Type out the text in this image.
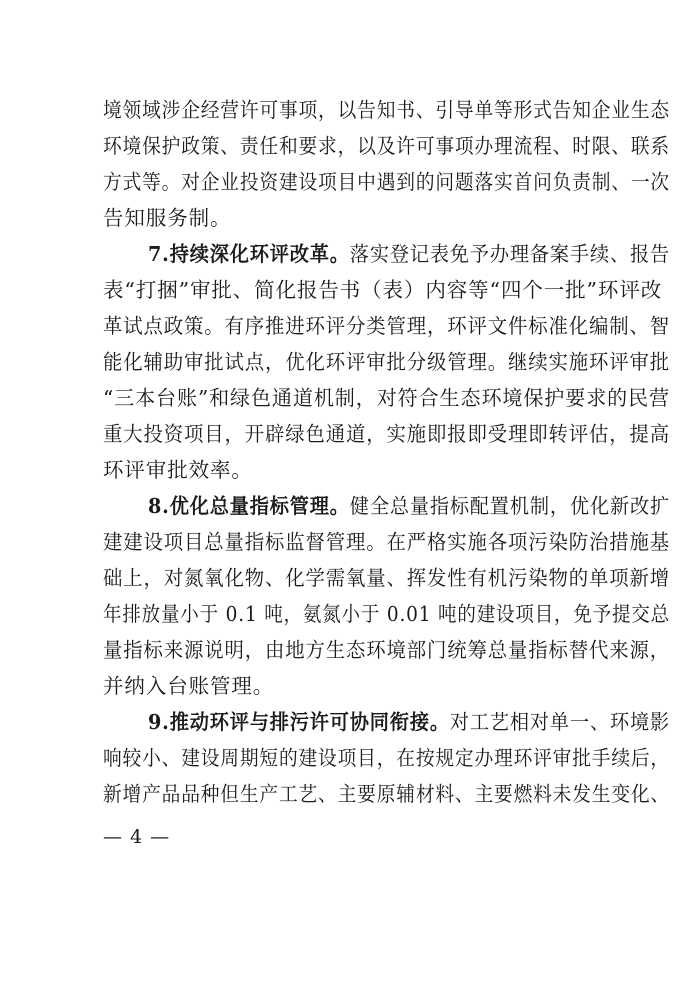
境领域涉企经营许可事项，以告知书、引导单等形式告知企业生态
环境保护政策、责任和要求，以及许可事项办理流程、时限、联系
方式等。对企业投资建设项目中遇到的问题落实首问负责制、一次
告知服务制。
7.持续深化环评改革。落实登记表免予办理备案手续、报告
表“打捆”审批、简化报告书（表）内容等“四个一批”环评改
革试点政策。有序推进环评分类管理，环评文件标准化编制、智
能化辅助审批试点，优化环评审批分级管理。继续实施环评审批
“三本台账”和绿色通道机制，对符合生态环境保护要求的民营
重大投资项目，开辟绿色通道，实施即报即受理即转评估，提高
环评审批效率。
8.优化总量指标管理。健全总量指标配置机制，优化新改扩
建建设项目总量指标监督管理。在严格实施各项污染防治措施基
础上，对氮氧化物、化学需氧量、挥发性有机污染物的单项新增
年排放量小于 0.1 吨，氨氮小于 0.01 吨的建设项目，免予提交总
量指标来源说明，由地方生态环境部门统筹总量指标替代来源，
并纳入台账管理。
9.推动环评与排污许可协同衔接。对工艺相对单一、环境影
响较小、建设周期短的建设项目，在按规定办理环评审批手续后，
新增产品品种但生产工艺、主要原辅材料、主要燃料未发生变化、
— 4 —
